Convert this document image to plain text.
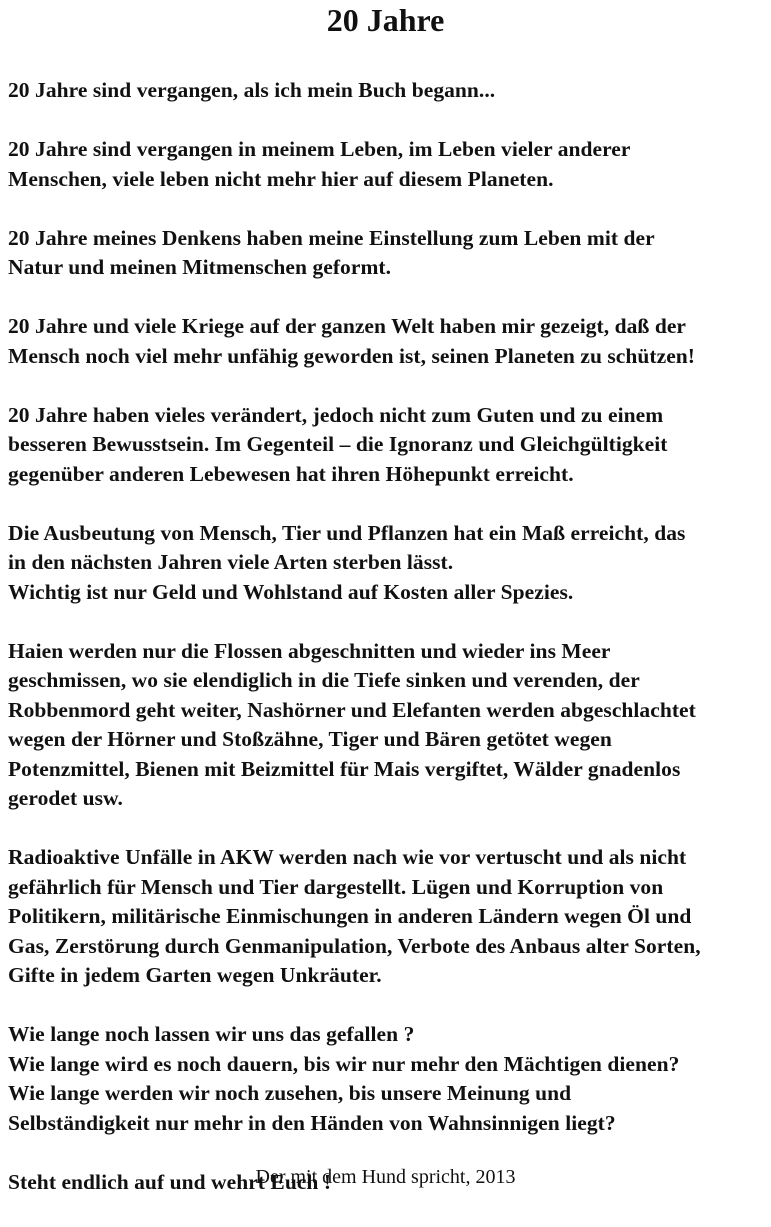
20 Jahre

20 Jahre sind vergangen, als ich mein Buch begann...

20 Jahre sind vergangen in meinem Leben, im Leben vieler anderer
Menschen, viele leben nicht mehr hier auf diesem Planeten.

20 Jahre meines Denkens haben meine Einstellung zum Leben mit der
Natur und meinen Mitmenschen geformt.

20 Jahre und viele Kriege auf der ganzen Welt haben mir gezeigt, daß der
Mensch noch viel mehr unfähig geworden ist, seinen Planeten zu schützen!

20 Jahre haben vieles verändert, jedoch nicht zum Guten und zu einem
besseren Bewusstsein. Im Gegenteil – die Ignoranz und Gleichgültigkeit
gegenüber anderen Lebewesen hat ihren Höhepunkt erreicht.

Die Ausbeutung von Mensch, Tier und Pflanzen hat ein Maß erreicht, das
in den nächsten Jahren viele Arten sterben lässt.
Wichtig ist nur Geld und Wohlstand auf Kosten aller Spezies.

Haien werden nur die Flossen abgeschnitten und wieder ins Meer
geschmissen, wo sie elendiglich in die Tiefe sinken und verenden, der
Robbenmord geht weiter, Nashörner und Elefanten werden abgeschlachtet
wegen der Hörner und Stoßzähne, Tiger und Bären getötet wegen
Potenzmittel, Bienen mit Beizmittel für Mais vergiftet, Wälder gnadenlos
gerodet usw.

Radioaktive Unfälle in AKW werden nach wie vor vertuscht und als nicht
gefährlich für Mensch und Tier dargestellt. Lügen und Korruption von
Politikern, militärische Einmischungen in anderen Ländern wegen Öl und
Gas, Zerstörung durch Genmanipulation, Verbote des Anbaus alter Sorten,
Gifte in jedem Garten wegen Unkräuter.

Wie lange noch lassen wir uns das gefallen ?
Wie lange wird es noch dauern, bis wir nur mehr den Mächtigen dienen?
Wie lange werden wir noch zusehen, bis unsere Meinung und
Selbständigkeit nur mehr in den Händen von Wahnsinnigen liegt?

Steht endlich auf und wehrt Euch !

Der mit dem Hund spricht, 2013
